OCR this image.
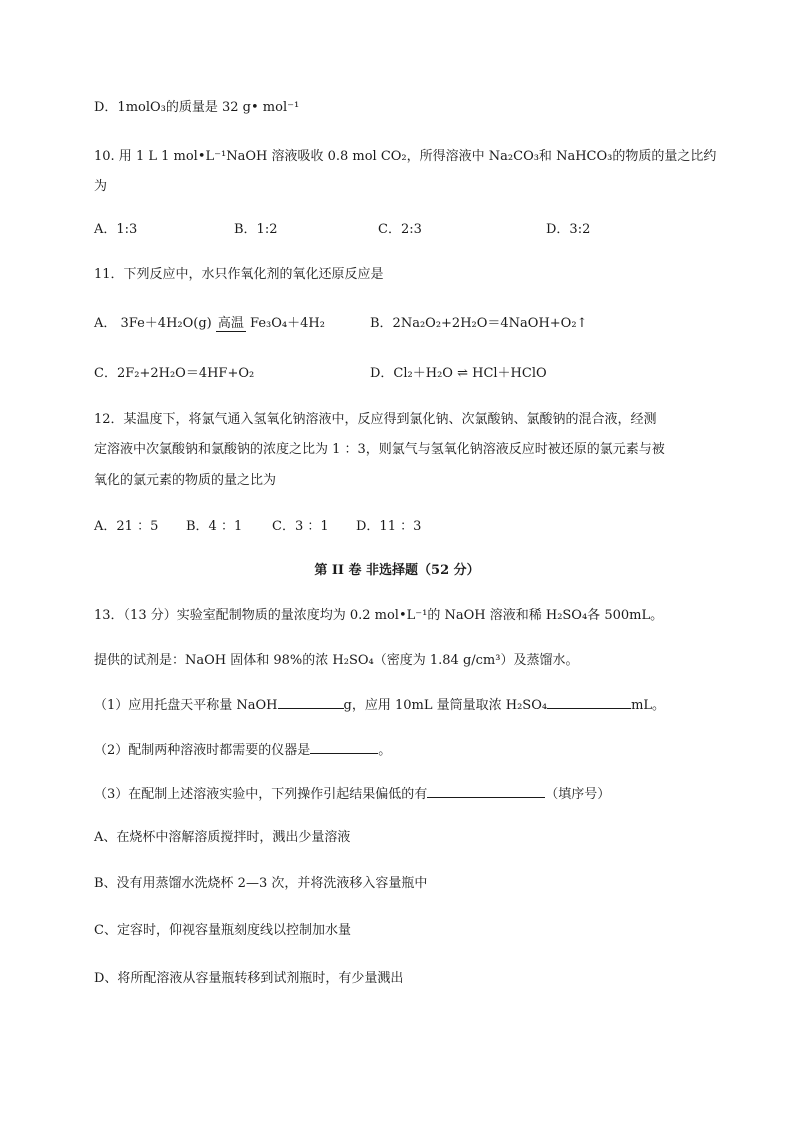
D．1molO₃的质量是 32 g• mol⁻¹
10. 用 1 L 1 mol•L⁻¹NaOH 溶液吸收 0.8 mol CO₂，所得溶液中 Na₂CO₃和 NaHCO₃的物质的量之比约
为
A．1:3	B．1:2	C．2:3	D．3:2
11．下列反应中，水只作氧化剂的氧化还原反应是
A． 3Fe＋4H₂O(g) 高温 Fe₃O₄＋4H₂	B．2Na₂O₂+2H₂O＝4NaOH+O₂↑
C．2F₂+2H₂O＝4HF+O₂	D．Cl₂＋H₂O ⇌ HCl＋HClO
12．某温度下，将氯气通入氢氧化钠溶液中，反应得到氯化钠、次氯酸钠、氯酸钠的混合液，经测
定溶液中次氯酸钠和氯酸钠的浓度之比为 1 ：3，则氯气与氢氧化钠溶液反应时被还原的氯元素与被
氧化的氯元素的物质的量之比为
A．21 ：5 B．4 ：1 C．3 ：1 D．11 ：3
第 II 卷 非选择题（52 分）
13．（13 分）实验室配制物质的量浓度均为 0.2 mol•L⁻¹的 NaOH 溶液和稀 H₂SO₄各 500mL。
提供的试剂是：NaOH 固体和 98%的浓 H₂SO₄（密度为 1.84 g/cm³）及蒸馏水。
（1）应用托盘天平称量 NaOH	g，应用 10mL 量筒量取浓 H₂SO₄	mL。
（2）配制两种溶液时都需要的仪器是	。
（3）在配制上述溶液实验中，下列操作引起结果偏低的有	（填序号）
A、在烧杯中溶解溶质搅拌时，溅出少量溶液
B、没有用蒸馏水洗烧杯 2—3 次，并将洗液移入容量瓶中
C、定容时，仰视容量瓶刻度线以控制加水量
D、将所配溶液从容量瓶转移到试剂瓶时，有少量溅出
